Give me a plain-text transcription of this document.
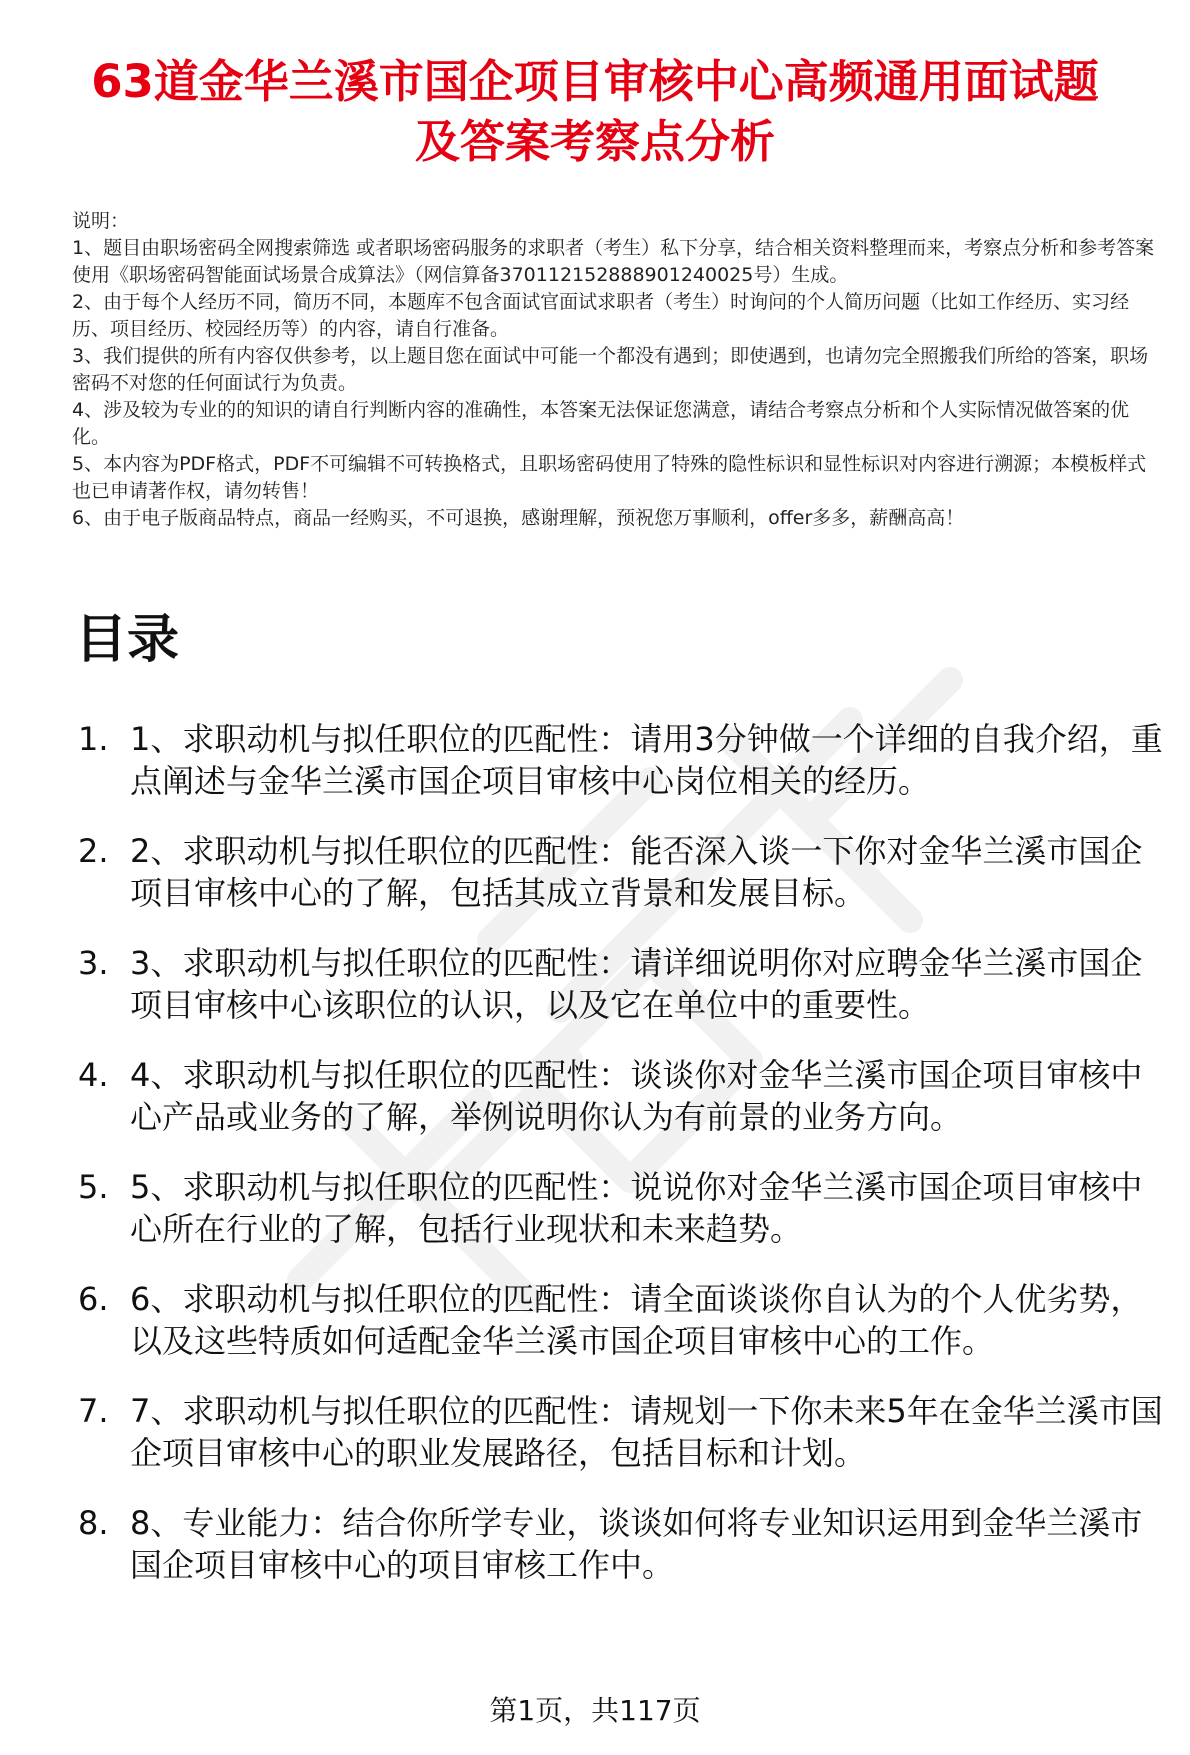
63道金华兰溪市国企项目审核中心高频通用面试题及答案考察点分析

说明：

1、题目由职场密码全网搜索筛选 或者职场密码服务的求职者（考生）私下分享，结合相关资料整理而来，考察点分析和参考答案使用《职场密码智能面试场景合成算法》（网信算备370112152888901240025号）生成。

2、由于每个人经历不同，简历不同，本题库不包含面试官面试求职者（考生）时询问的个人简历问题（比如工作经历、实习经历、项目经历、校园经历等）的内容，请自行准备。

3、我们提供的所有内容仅供参考，以上题目您在面试中可能一个都没有遇到；即使遇到，也请勿完全照搬我们所给的答案，职场密码不对您的任何面试行为负责。

4、涉及较为专业的的知识的请自行判断内容的准确性，本答案无法保证您满意，请结合考察点分析和个人实际情况做答案的优化。

5、本内容为PDF格式，PDF不可编辑不可转换格式，且职场密码使用了特殊的隐性标识和显性标识对内容进行溯源；本模板样式也已申请著作权，请勿转售！

6、由于电子版商品特点，商品一经购买，不可退换，感谢理解，预祝您万事顺利，offer多多，薪酬高高！

目录
1. 1、求职动机与拟任职位的匹配性：请用3分钟做一个详细的自我介绍，重点阐述与金华兰溪市国企项目审核中心岗位相关的经历。
2. 2、求职动机与拟任职位的匹配性：能否深入谈一下你对金华兰溪市国企项目审核中心的了解，包括其成立背景和发展目标。
3. 3、求职动机与拟任职位的匹配性：请详细说明你对应聘金华兰溪市国企项目审核中心该职位的认识，以及它在单位中的重要性。
4. 4、求职动机与拟任职位的匹配性：谈谈你对金华兰溪市国企项目审核中心产品或业务的了解，举例说明你认为有前景的业务方向。
5. 5、求职动机与拟任职位的匹配性：说说你对金华兰溪市国企项目审核中心所在行业的了解，包括行业现状和未来趋势。
6. 6、求职动机与拟任职位的匹配性：请全面谈谈你自认为的个人优劣势，以及这些特质如何适配金华兰溪市国企项目审核中心的工作。
7. 7、求职动机与拟任职位的匹配性：请规划一下你未来5年在金华兰溪市国企项目审核中心的职业发展路径，包括目标和计划。
8. 8、专业能力：结合你所学专业，谈谈如何将专业知识运用到金华兰溪市国企项目审核中心的项目审核工作中。
第1页，共117页
